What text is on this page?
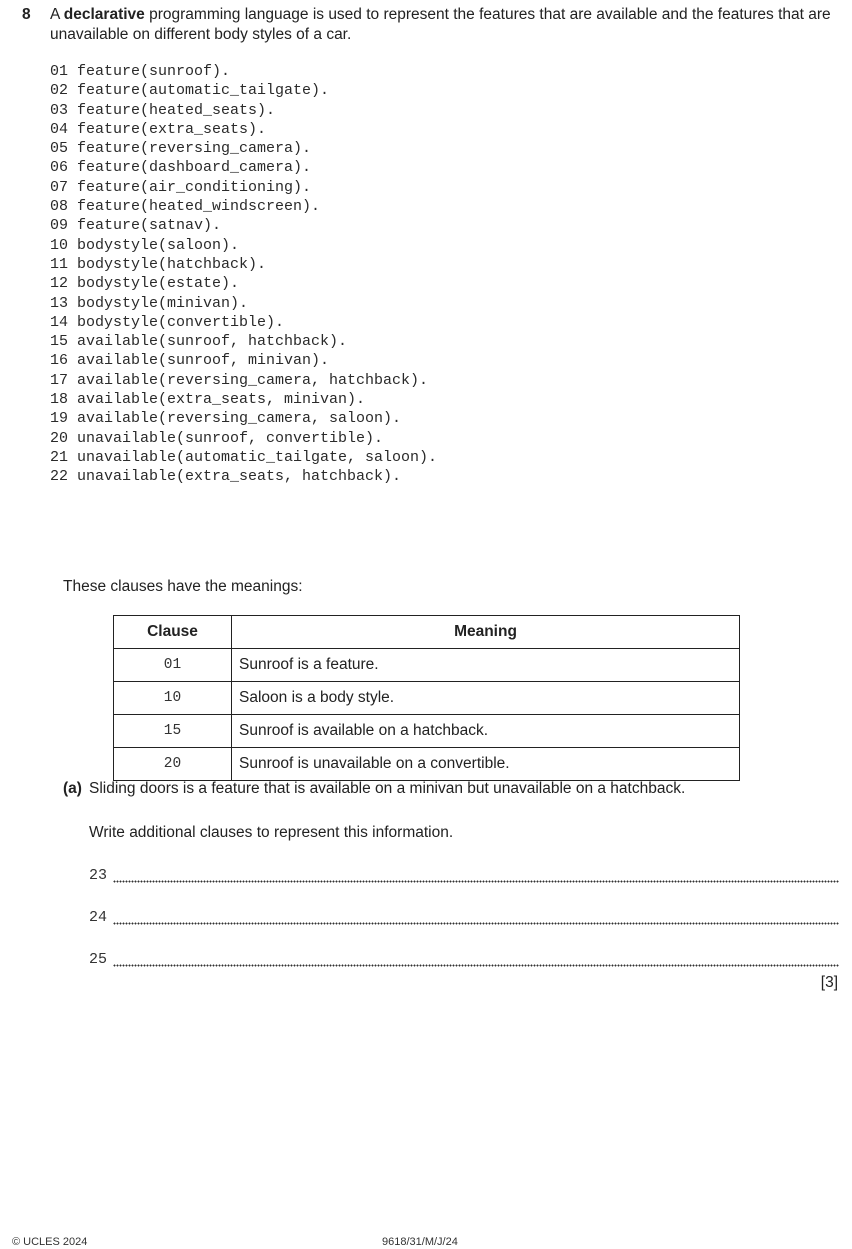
8 A declarative programming language is used to represent the features that are available and the features that are unavailable on different body styles of a car.
01 feature(sunroof).
02 feature(automatic_tailgate).
03 feature(heated_seats).
04 feature(extra_seats).
05 feature(reversing_camera).
06 feature(dashboard_camera).
07 feature(air_conditioning).
08 feature(heated_windscreen).
09 feature(satnav).
10 bodystyle(saloon).
11 bodystyle(hatchback).
12 bodystyle(estate).
13 bodystyle(minivan).
14 bodystyle(convertible).
15 available(sunroof, hatchback).
16 available(sunroof, minivan).
17 available(reversing_camera, hatchback).
18 available(extra_seats, minivan).
19 available(reversing_camera, saloon).
20 unavailable(sunroof, convertible).
21 unavailable(automatic_tailgate, saloon).
22 unavailable(extra_seats, hatchback).
These clauses have the meanings:
Clause	Meaning
01	Sunroof is a feature.
10	Saloon is a body style.
15	Sunroof is available on a hatchback.
20	Sunroof is unavailable on a convertible.
(a) Sliding doors is a feature that is available on a minivan but unavailable on a hatchback.
Write additional clauses to represent this information.
23
24
25
[3]
© UCLES 2024	9618/31/M/J/24
